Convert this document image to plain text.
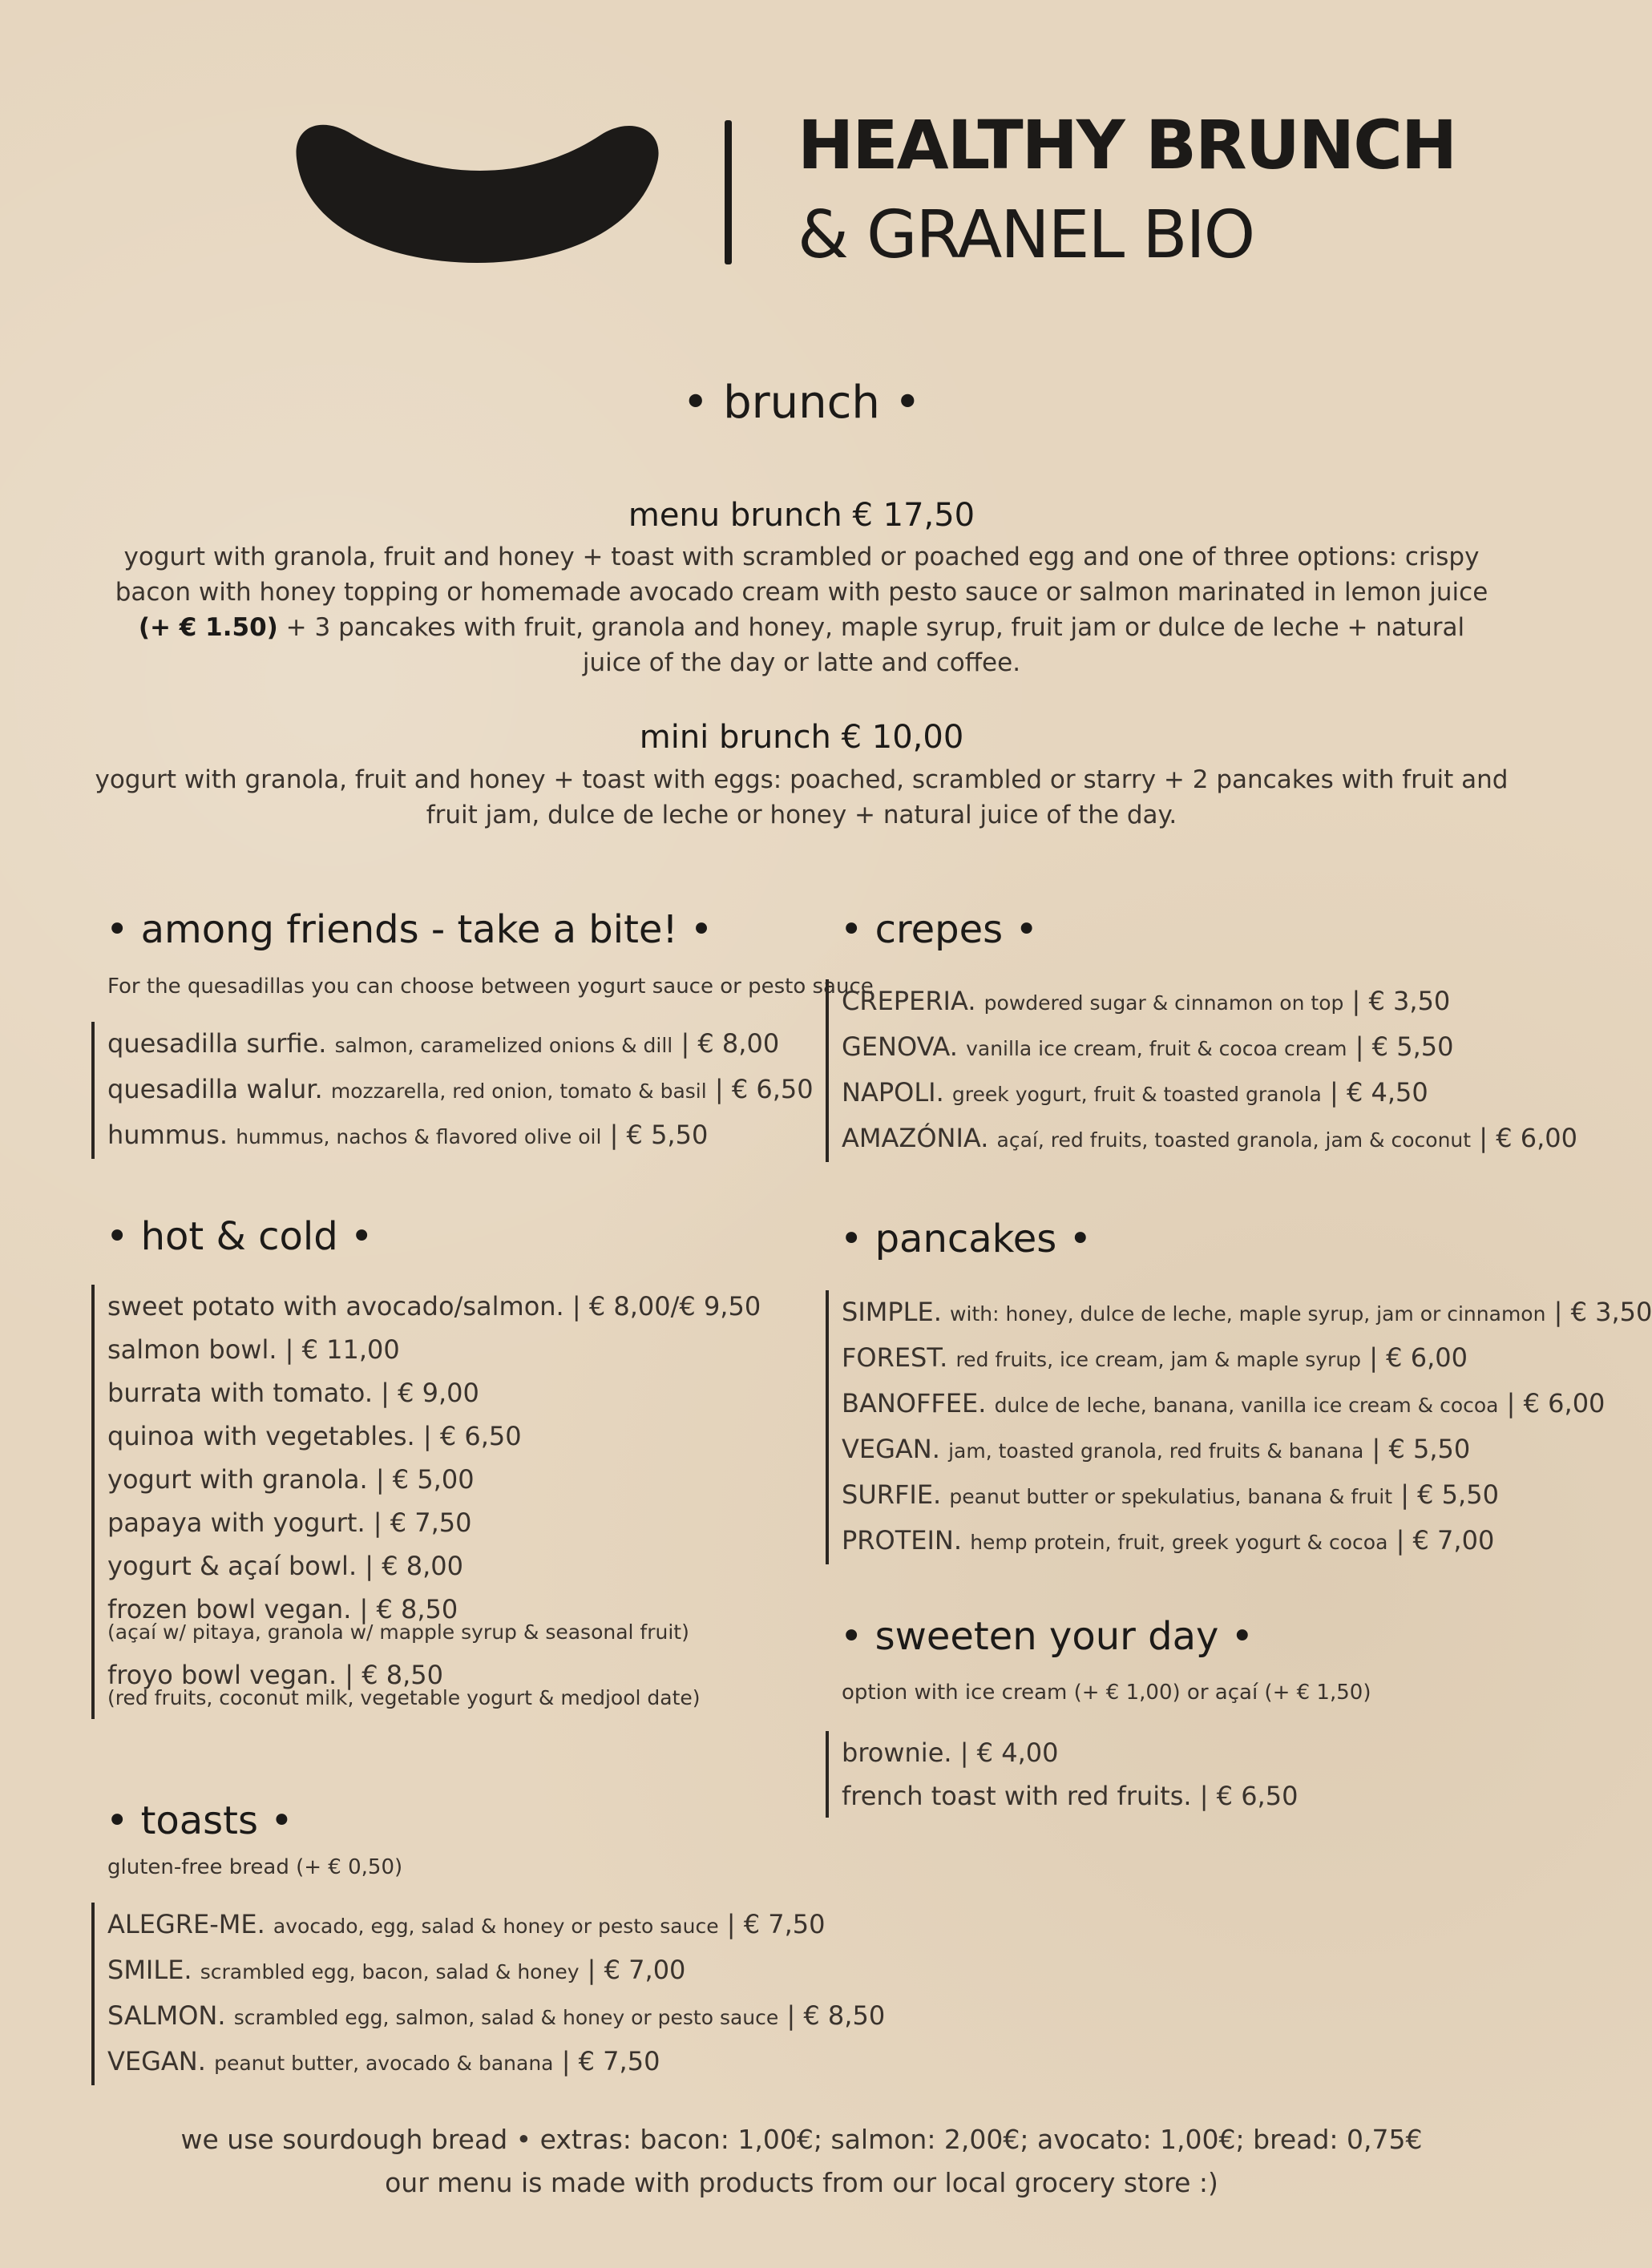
HEALTHY BRUNCH
& GRANEL BIO
• brunch •
menu brunch € 17,50
yogurt with granola, fruit and honey + toast with scrambled or poached egg and one of three options: crispy bacon with honey topping or homemade avocado cream with pesto sauce or salmon marinated in lemon juice (+ € 1.50) + 3 pancakes with fruit, granola and honey, maple syrup, fruit jam or dulce de leche + natural juice of the day or latte and coffee.
mini brunch € 10,00
yogurt with granola, fruit and honey + toast with eggs: poached, scrambled or starry + 2 pancakes with fruit and fruit jam, dulce de leche or honey + natural juice of the day.
• among friends - take a bite! •
For the quesadillas you can choose between yogurt sauce or pesto sauce
quesadilla surfie. salmon, caramelized onions & dill | € 8,00
quesadilla walur. mozzarella, red onion, tomato & basil | € 6,50
hummus. hummus, nachos & flavored olive oil | € 5,50
• crepes •
CREPERIA. powdered sugar & cinnamon on top | € 3,50
GENOVA. vanilla ice cream, fruit & cocoa cream | € 5,50
NAPOLI. greek yogurt, fruit & toasted granola | € 4,50
AMAZÓNIA. açaí, red fruits, toasted granola, jam & coconut | € 6,00
• hot & cold •
sweet potato with avocado/salmon. | € 8,00/€ 9,50
salmon bowl. | € 11,00
burrata with tomato. | € 9,00
quinoa with vegetables. | € 6,50
yogurt with granola. | € 5,00
papaya with yogurt. | € 7,50
yogurt & açaí bowl. | € 8,00
frozen bowl vegan. | € 8,50
(açaí w/ pitaya, granola w/ mapple syrup & seasonal fruit)
froyo bowl vegan. | € 8,50
(red fruits, coconut milk, vegetable yogurt & medjool date)
• pancakes •
SIMPLE. with: honey, dulce de leche, maple syrup, jam or cinnamon | € 3,50
FOREST. red fruits, ice cream, jam & maple syrup | € 6,00
BANOFFEE. dulce de leche, banana, vanilla ice cream & cocoa | € 6,00
VEGAN. jam, toasted granola, red fruits & banana | € 5,50
SURFIE. peanut butter or spekulatius, banana & fruit | € 5,50
PROTEIN. hemp protein, fruit, greek yogurt & cocoa | € 7,00
• sweeten your day •
option with ice cream (+ € 1,00) or açaí (+ € 1,50)
brownie. | € 4,00
french toast with red fruits. | € 6,50
• toasts •
gluten-free bread (+ € 0,50)
ALEGRE-ME. avocado, egg, salad & honey or pesto sauce | € 7,50
SMILE. scrambled egg, bacon, salad & honey | € 7,00
SALMON. scrambled egg, salmon, salad & honey or pesto sauce | € 8,50
VEGAN. peanut butter, avocado & banana | € 7,50
we use sourdough bread • extras: bacon: 1,00€; salmon: 2,00€; avocato: 1,00€; bread: 0,75€
our menu is made with products from our local grocery store :)
